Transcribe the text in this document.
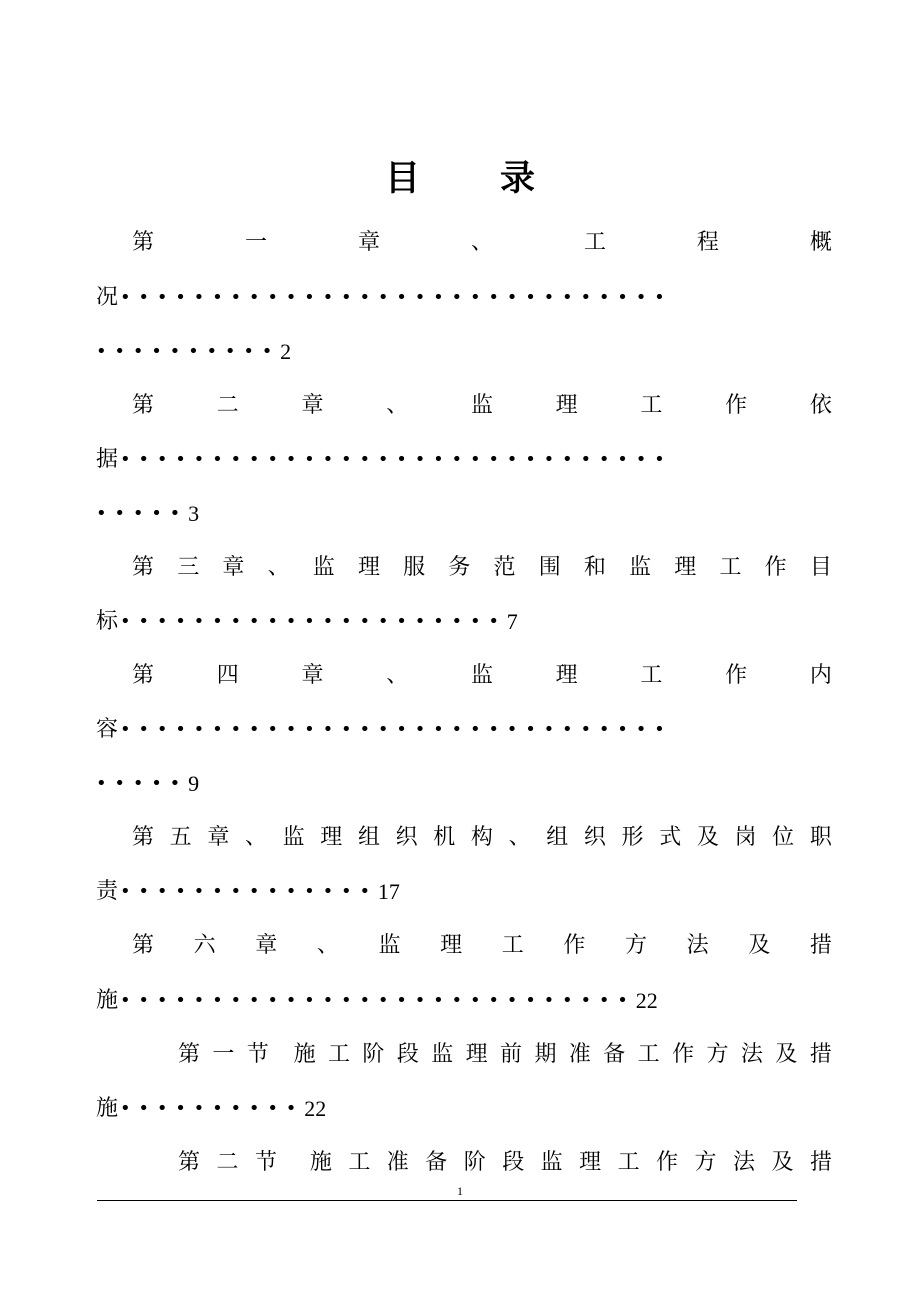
目 录
第	一	章	、	工	程	概
况 ••••••••••••••••••••••••••••••
•••••••••• 2
第	二	章	、	监	理	工	作	依
据 ••••••••••••••••••••••••••••••
••••• 3
第 三 章 、 监 理 服 务 范 围 和 监 理 工 作 目
标 ••••••••••••••••••••• 7
第	四	章	、	监	理	工	作	内
容 ••••••••••••••••••••••••••••••
••••• 9
第 五 章 、 监 理 组 织 机 构 、 组 织 形 式 及 岗 位 职
责 •••••••••••••• 17
第 六 章 、 监 理 工 作 方 法 及 措
施 •••••••••••••••••••••••••••• 22
第 一 节 施 工 阶 段 监 理 前 期 准 备 工 作 方 法 及 措
施 •••••••••• 22
第 二 节 施 工 准 备 阶 段 监 理 工 作 方 法 及 措
1
